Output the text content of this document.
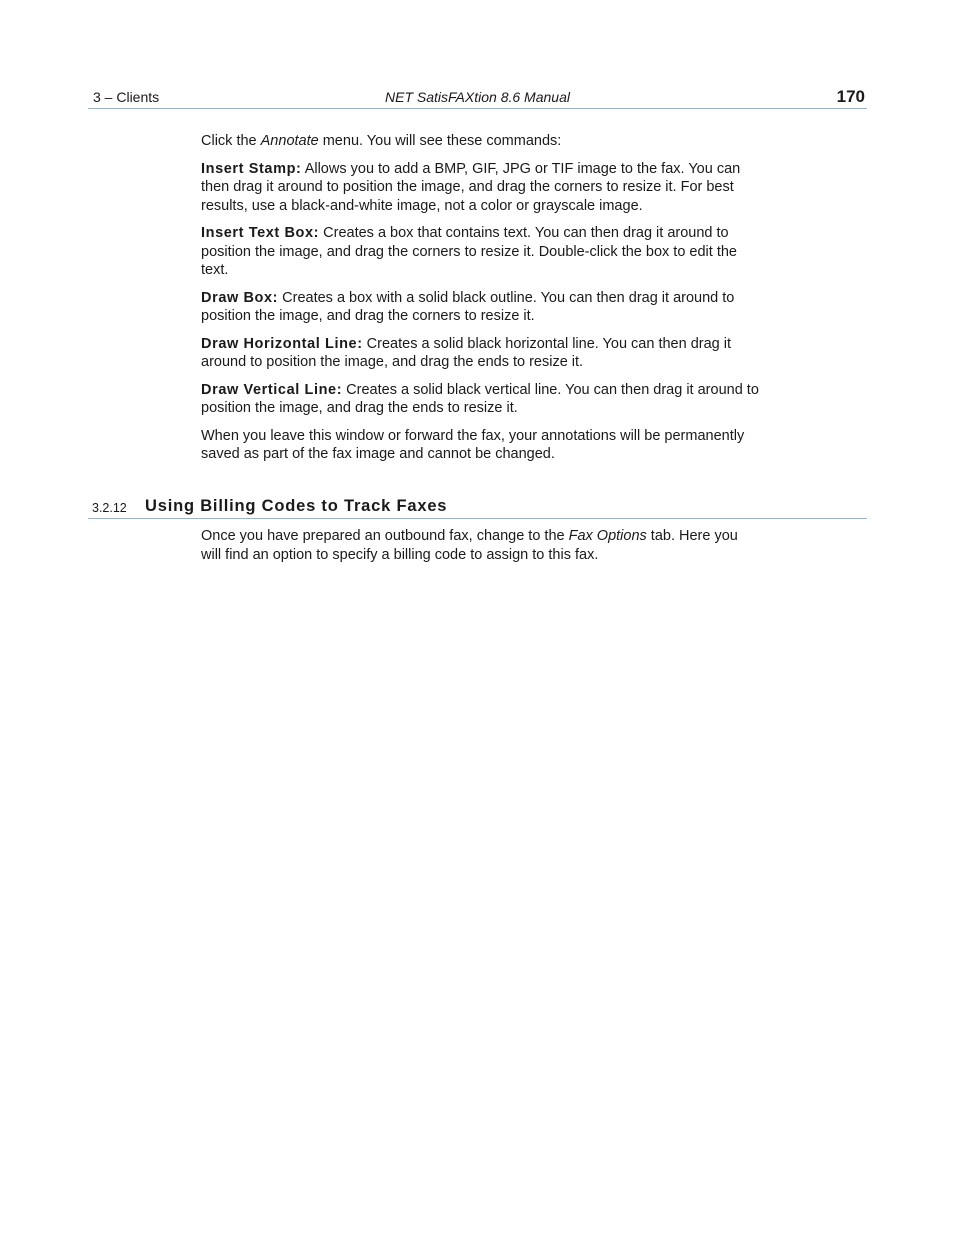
3 – Clients	NET SatisFAXtion 8.6 Manual	170

Click the Annotate menu. You will see these commands:

Insert Stamp: Allows you to add a BMP, GIF, JPG or TIF image to the fax. You can then drag it around to position the image, and drag the corners to resize it. For best results, use a black-and-white image, not a color or grayscale image.

Insert Text Box: Creates a box that contains text. You can then drag it around to position the image, and drag the corners to resize it. Double-click the box to edit the text.

Draw Box: Creates a box with a solid black outline. You can then drag it around to position the image, and drag the corners to resize it.

Draw Horizontal Line: Creates a solid black horizontal line. You can then drag it around to position the image, and drag the ends to resize it.

Draw Vertical Line: Creates a solid black vertical line. You can then drag it around to position the image, and drag the ends to resize it.

When you leave this window or forward the fax, your annotations will be permanently saved as part of the fax image and cannot be changed.

3.2.12 Using Billing Codes to Track Faxes

Once you have prepared an outbound fax, change to the Fax Options tab. Here you will find an option to specify a billing code to assign to this fax.
